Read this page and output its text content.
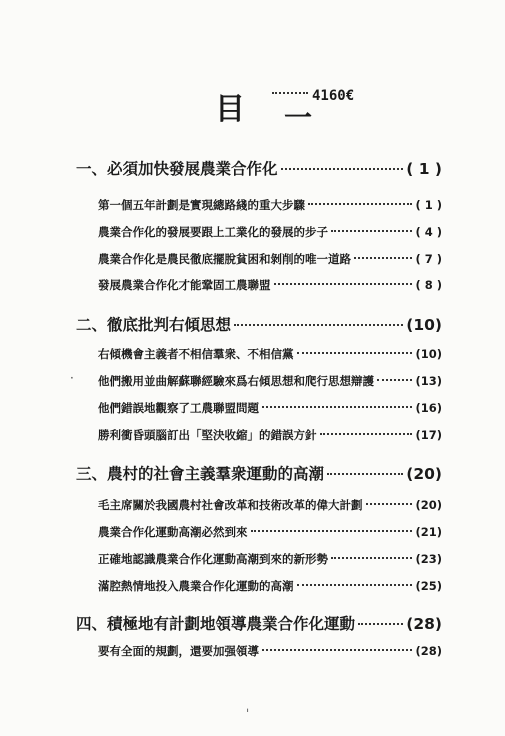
目	4160€
一
·
ˈ
一、必須加快發展農業合作化	( 1 )
第一個五年計劃是實現總路綫的重大步驟	( 1 )
農業合作化的發展要跟上工業化的發展的步子	( 4 )
農業合作化是農民徹底擺脫貧困和剝削的唯一道路	( 7 )
發展農業合作化才能鞏固工農聯盟	( 8 )
二、徹底批判右傾思想	(10)
右傾機會主義者不相信羣衆、不相信黨	(10)
他們搬用並曲解蘇聯經驗來爲右傾思想和爬行思想辯護	(13)
他們錯誤地觀察了工農聯盟問題	(16)
勝利衝昏頭腦訂出「堅決收縮」的錯誤方針	(17)
三、農村的社會主義羣衆運動的高潮	(20)
毛主席關於我國農村社會改革和技術改革的偉大計劃	(20)
農業合作化運動高潮必然到來	(21)
正確地認識農業合作化運動高潮到來的新形勢	(23)
滿腔熱情地投入農業合作化運動的高潮	(25)
四、積極地有計劃地領導農業合作化運動	(28)
要有全面的規劃，還要加强領導	(28)
